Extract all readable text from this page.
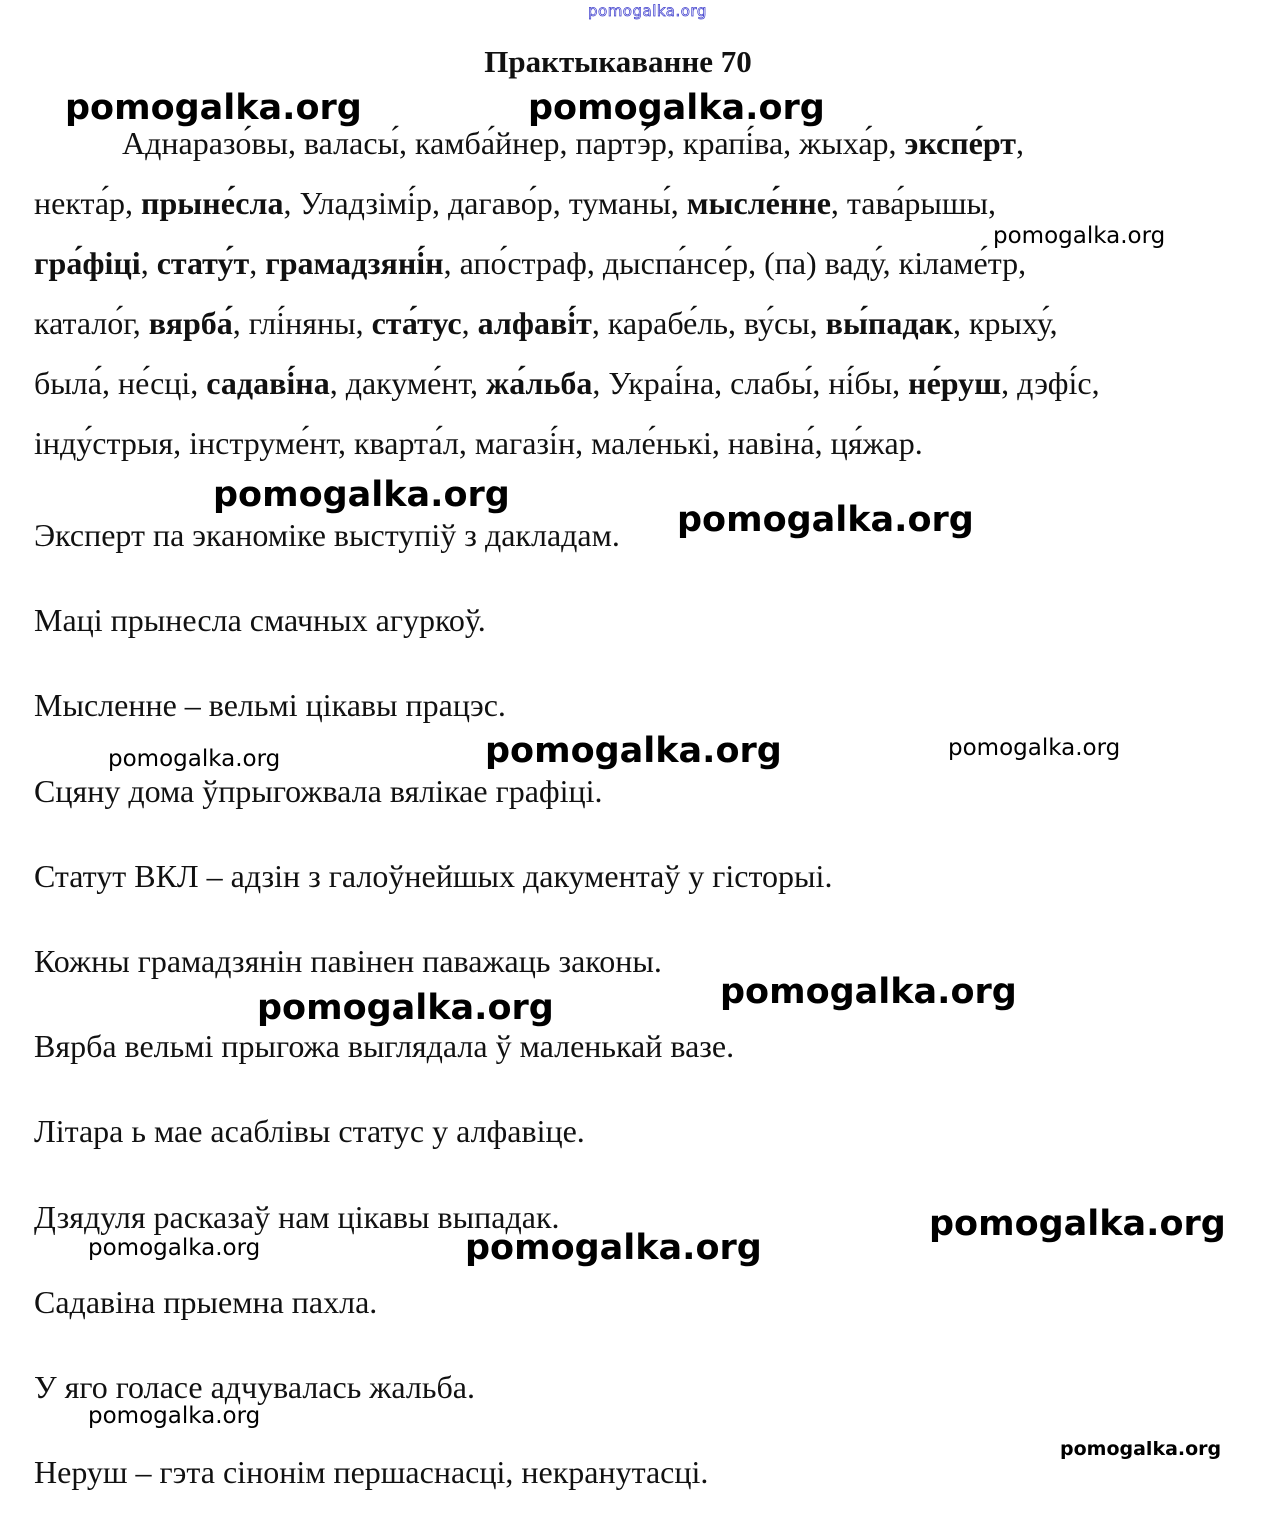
pomogalka.org
Практыкаванне 70
Аднаразо́вы, валасы́, камба́йнер, партэ́р, крапі́ва, жыха́р, экспе́рт,
некта́р, прыне́сла, Уладзімі́р, дагаво́р, туманы́, мысле́нне, тава́рышы,
гра́фіці, стату́т, грамадзяні́н, апо́страф, дыспа́нсе́р, (па) ваду́, кіламе́тр,
катало́г, вярба́, глі́няны, ста́тус, алфаві́т, карабе́ль, ву́сы, вы́падак, крыху́,
была́, не́сці, садаві́на, дакуме́нт, жа́льба, Украі́на, слабы́, ні́бы, не́руш, дэфі́с,
інду́стрыя, інструме́нт, кварта́л, магазі́н, мале́нькі, навіна́, ця́жар.
Эксперт па эканоміке выступіў з дакладам.
Маці прынесла смачных агуркоў.
Мысленне – вельмі цікавы працэс.
Сцяну дома ўпрыгожвала вялікае графіці.
Статут ВКЛ – адзін з галоўнейшых дакументаў у гісторыі.
Кожны грамадзянін павінен паважаць законы.
Вярба вельмі прыгожа выглядала ў маленькай вазе.
Літара ь мае асаблівы статус у алфавіце.
Дзядуля расказаў нам цікавы выпадак.
Садавіна прыемна пахла.
У яго голасе адчувалась жальба.
Неруш – гэта сінонім першаснасці, некранутасці.
pomogalka.org	pomogalka.org
pomogalka.org
pomogalka.org
pomogalka.org
pomogalka.org
pomogalka.org	pomogalka.org
pomogalka.org
pomogalka.org
pomogalka.org
pomogalka.org	pomogalka.org
pomogalka.org
pomogalka.org
